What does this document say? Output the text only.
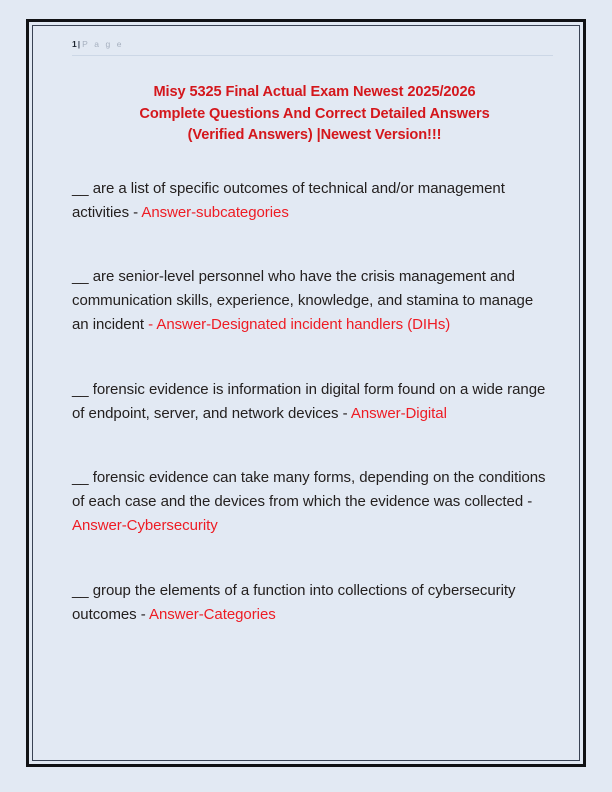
1| P a g e
Misy 5325 Final Actual Exam Newest 2025/2026
Complete Questions And Correct Detailed Answers
(Verified Answers) |Newest Version!!!

__ are a list of specific outcomes of technical and/or management activities - Answer-subcategories

__ are senior-level personnel who have the crisis management and communication skills, experience, knowledge, and stamina to manage an incident - Answer-Designated incident handlers (DIHs)

__ forensic evidence is information in digital form found on a wide range of endpoint, server, and network devices - Answer-Digital

__ forensic evidence can take many forms, depending on the conditions of each case and the devices from which the evidence was collected - Answer-Cybersecurity

__ group the elements of a function into collections of cybersecurity outcomes - Answer-Categories
